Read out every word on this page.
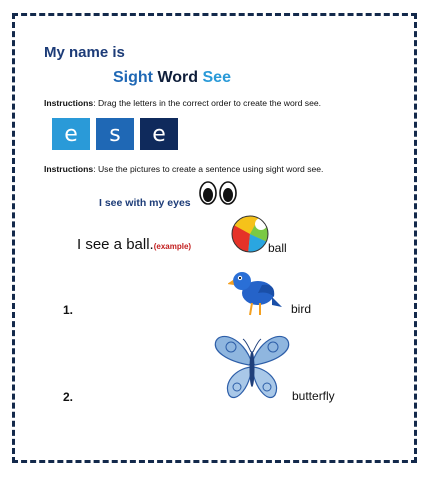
My name is
Sight Word See
Instructions: Drag the letters in the correct order to create the word see.
e	s	e
Instructions: Use the pictures to create a sentence using sight word see.
I see with my eyes
I see a ball.(example)	ball
1.	bird
2.	butterfly
